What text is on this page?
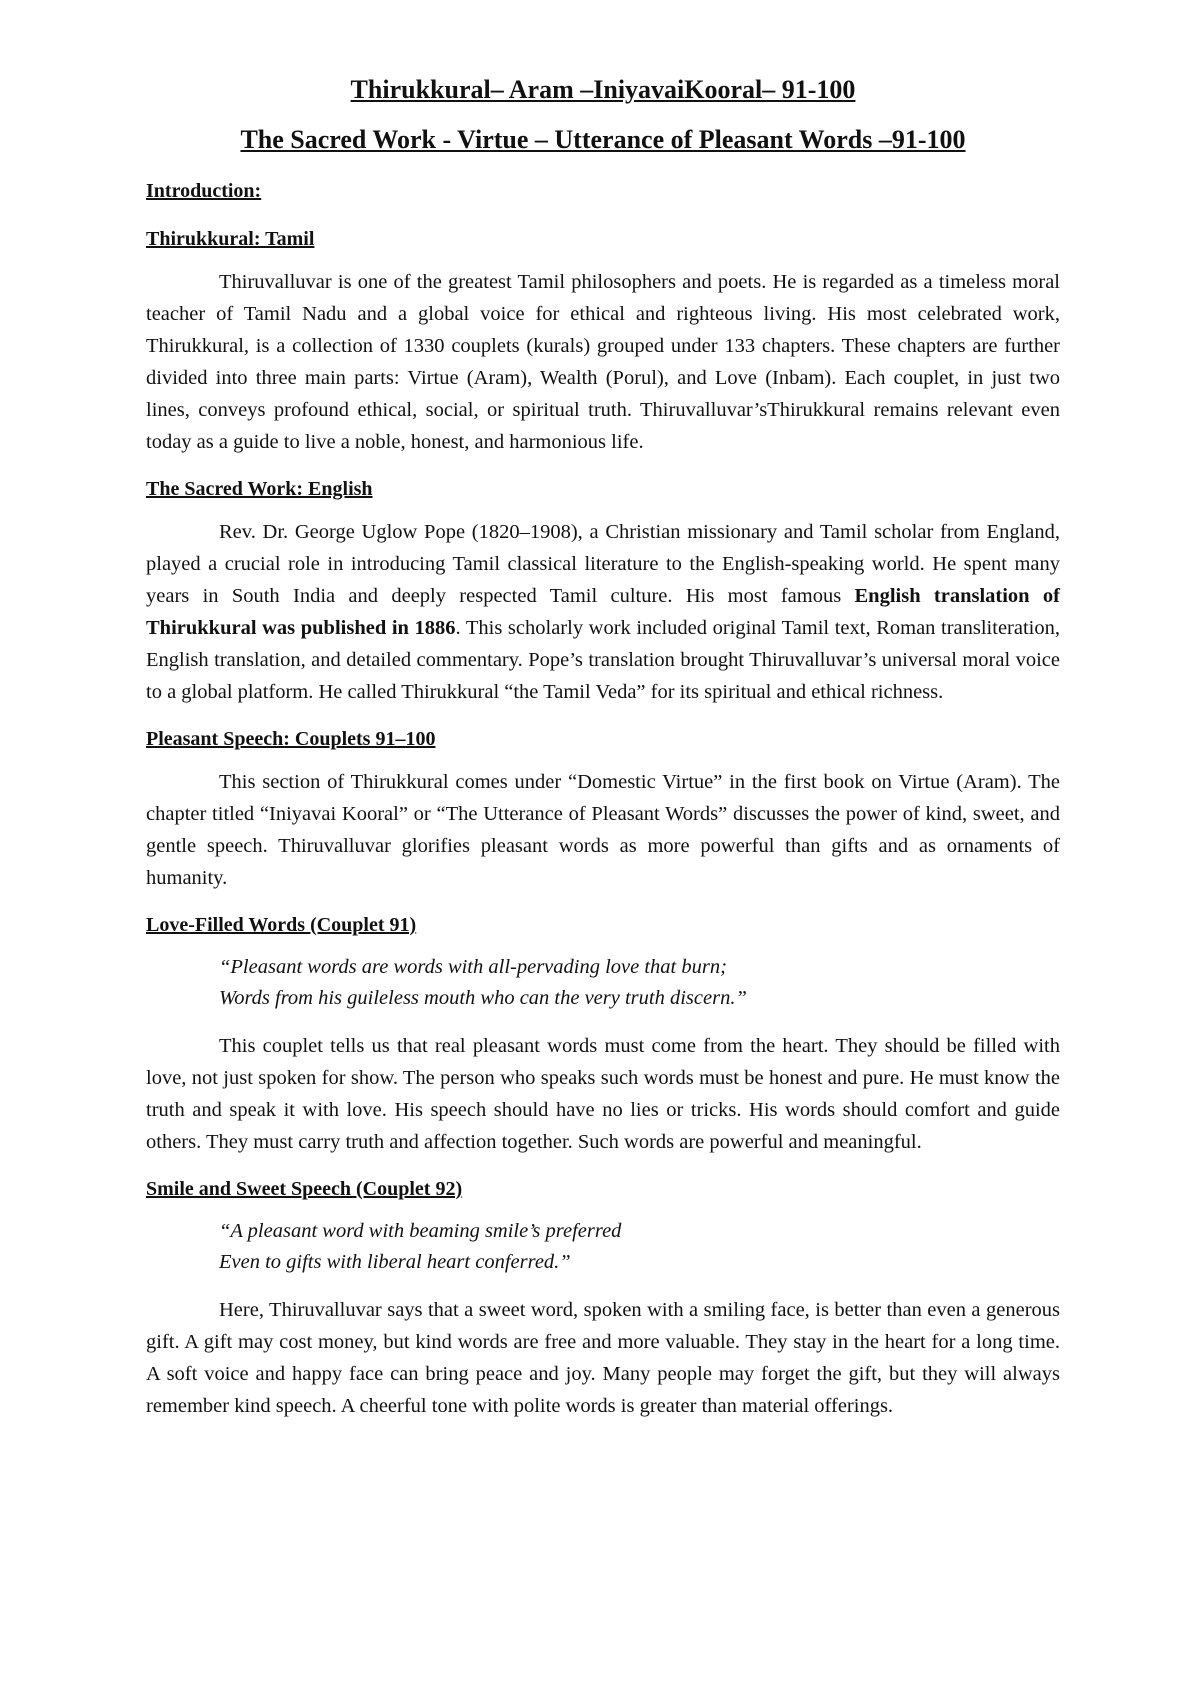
Thirukkural– Aram –IniyavaiKooral– 91-100
The Sacred Work - Virtue – Utterance of Pleasant Words –91-100
Introduction:
Thirukkural: Tamil

Thiruvalluvar is one of the greatest Tamil philosophers and poets. He is regarded as a timeless moral teacher of Tamil Nadu and a global voice for ethical and righteous living. His most celebrated work, Thirukkural, is a collection of 1330 couplets (kurals) grouped under 133 chapters. These chapters are further divided into three main parts: Virtue (Aram), Wealth (Porul), and Love (Inbam). Each couplet, in just two lines, conveys profound ethical, social, or spiritual truth. Thiruvalluvar’sThirukkural remains relevant even today as a guide to live a noble, honest, and harmonious life.

The Sacred Work: English

Rev. Dr. George Uglow Pope (1820–1908), a Christian missionary and Tamil scholar from England, played a crucial role in introducing Tamil classical literature to the English-speaking world. He spent many years in South India and deeply respected Tamil culture. His most famous English translation of Thirukkural was published in 1886. This scholarly work included original Tamil text, Roman transliteration, English translation, and detailed commentary. Pope’s translation brought Thiruvalluvar’s universal moral voice to a global platform. He called Thirukkural “the Tamil Veda” for its spiritual and ethical richness.

Pleasant Speech: Couplets 91–100

This section of Thirukkural comes under “Domestic Virtue” in the first book on Virtue (Aram). The chapter titled “Iniyavai Kooral” or “The Utterance of Pleasant Words” discusses the power of kind, sweet, and gentle speech. Thiruvalluvar glorifies pleasant words as more powerful than gifts and as ornaments of humanity.

Love-Filled Words (Couplet 91)
“Pleasant words are words with all-pervading love that burn;
Words from his guileless mouth who can the very truth discern.”

This couplet tells us that real pleasant words must come from the heart. They should be filled with love, not just spoken for show. The person who speaks such words must be honest and pure. He must know the truth and speak it with love. His speech should have no lies or tricks. His words should comfort and guide others. They must carry truth and affection together. Such words are powerful and meaningful.

Smile and Sweet Speech (Couplet 92)
“A pleasant word with beaming smile’s preferred
Even to gifts with liberal heart conferred.”

Here, Thiruvalluvar says that a sweet word, spoken with a smiling face, is better than even a generous gift. A gift may cost money, but kind words are free and more valuable. They stay in the heart for a long time. A soft voice and happy face can bring peace and joy. Many people may forget the gift, but they will always remember kind speech. A cheerful tone with polite words is greater than material offerings.
